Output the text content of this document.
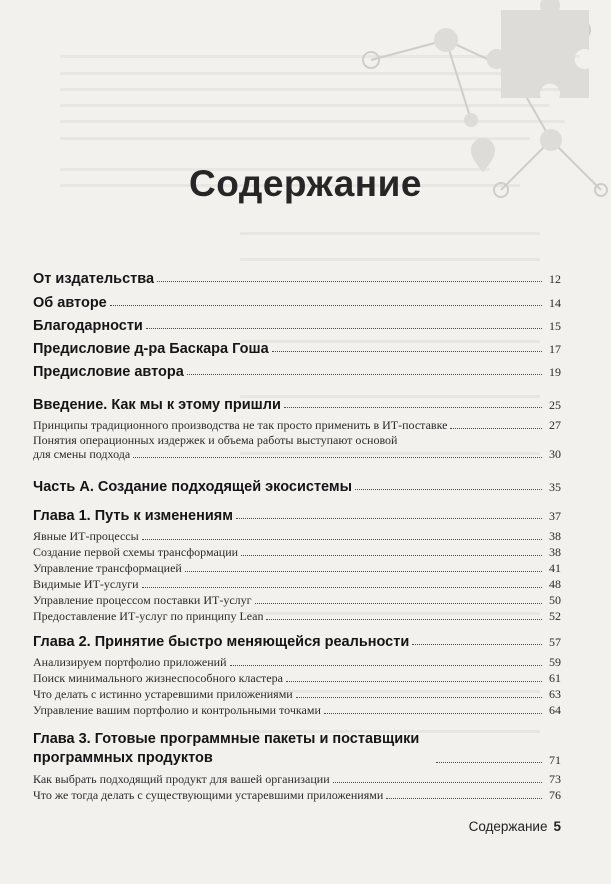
Содержание
От издательства	12
Об авторе	14
Благодарности	15
Предисловие д-ра Баскара Гоша	17
Предисловие автора	19
Введение. Как мы к этому пришли	25
Принципы традиционного производства не так просто применить в ИТ-поставке	27
Понятия операционных издержек и объема работы выступают основой
для смены подхода	30
Часть А. Создание подходящей экосистемы	35
Глава 1. Путь к изменениям	37
Явные ИТ-процессы	38
Создание первой схемы трансформации	38
Управление трансформацией	41
Видимые ИТ-услуги	48
Управление процессом поставки ИТ-услуг	50
Предоставление ИТ-услуг по принципу Lean	52
Глава 2. Принятие быстро меняющейся реальности	57
Анализируем портфолио приложений	59
Поиск минимального жизнеспособного кластера	61
Что делать с истинно устаревшими приложениями	63
Управление вашим портфолио и контрольными точками	64
Глава 3. Готовые программные пакеты и поставщики программных продуктов	71
Как выбрать подходящий продукт для вашей организации	73
Что же тогда делать с существующими устаревшими приложениями	76
Содержание 5
